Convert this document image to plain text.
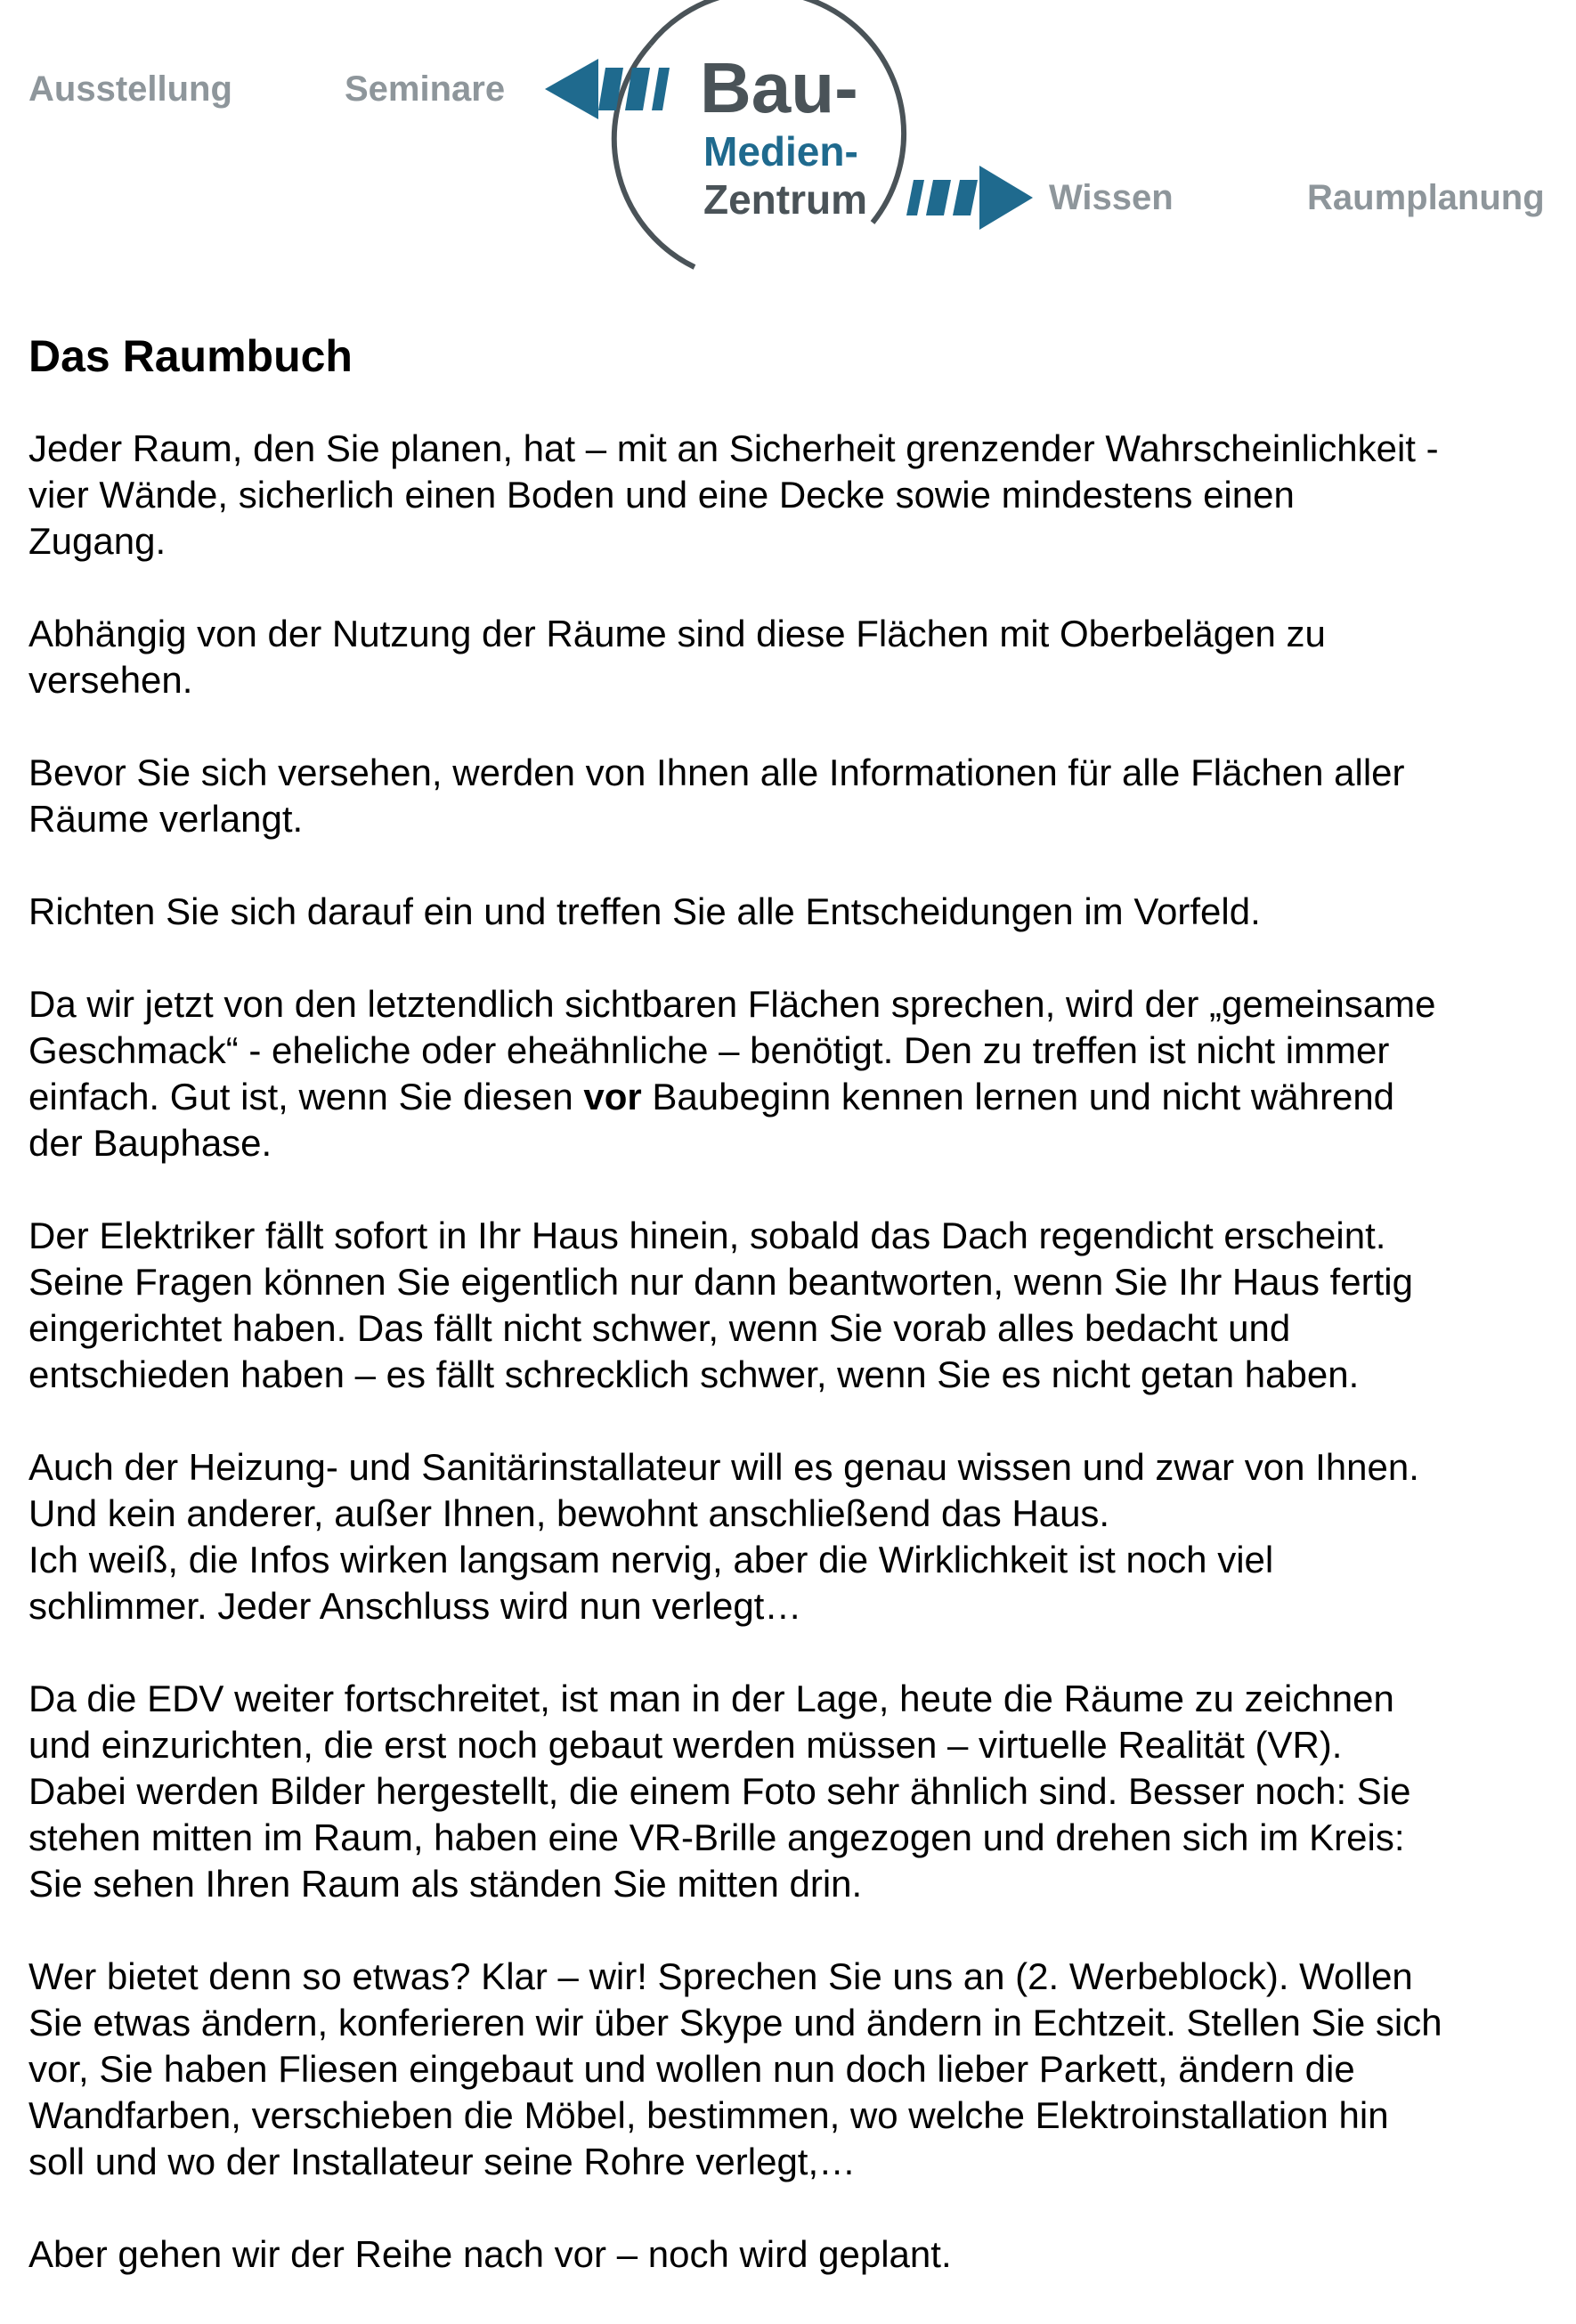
Ausstellung	Seminare	Bau-
Medien-
Zentrum	Wissen	Raumplanung
Das Raumbuch

Jeder Raum, den Sie planen, hat – mit an Sicherheit grenzender Wahrscheinlichkeit -
vier Wände, sicherlich einen Boden und eine Decke sowie mindestens einen
Zugang.

Abhängig von der Nutzung der Räume sind diese Flächen mit Oberbelägen zu
versehen.

Bevor Sie sich versehen, werden von Ihnen alle Informationen für alle Flächen aller
Räume verlangt.

Richten Sie sich darauf ein und treffen Sie alle Entscheidungen im Vorfeld.

Da wir jetzt von den letztendlich sichtbaren Flächen sprechen, wird der „gemeinsame
Geschmack“ - eheliche oder eheähnliche – benötigt. Den zu treffen ist nicht immer
einfach. Gut ist, wenn Sie diesen vor Baubeginn kennen lernen und nicht während
der Bauphase.

Der Elektriker fällt sofort in Ihr Haus hinein, sobald das Dach regendicht erscheint.
Seine Fragen können Sie eigentlich nur dann beantworten, wenn Sie Ihr Haus fertig
eingerichtet haben. Das fällt nicht schwer, wenn Sie vorab alles bedacht und
entschieden haben – es fällt schrecklich schwer, wenn Sie es nicht getan haben.

Auch der Heizung- und Sanitärinstallateur will es genau wissen und zwar von Ihnen.
Und kein anderer, außer Ihnen, bewohnt anschließend das Haus.
Ich weiß, die Infos wirken langsam nervig, aber die Wirklichkeit ist noch viel
schlimmer. Jeder Anschluss wird nun verlegt…

Da die EDV weiter fortschreitet, ist man in der Lage, heute die Räume zu zeichnen
und einzurichten, die erst noch gebaut werden müssen – virtuelle Realität (VR).
Dabei werden Bilder hergestellt, die einem Foto sehr ähnlich sind. Besser noch: Sie
stehen mitten im Raum, haben eine VR-Brille angezogen und drehen sich im Kreis:
Sie sehen Ihren Raum als ständen Sie mitten drin.

Wer bietet denn so etwas? Klar – wir! Sprechen Sie uns an (2. Werbeblock). Wollen
Sie etwas ändern, konferieren wir über Skype und ändern in Echtzeit. Stellen Sie sich
vor, Sie haben Fliesen eingebaut und wollen nun doch lieber Parkett, ändern die
Wandfarben, verschieben die Möbel, bestimmen, wo welche Elektroinstallation hin
soll und wo der Installateur seine Rohre verlegt,…

Aber gehen wir der Reihe nach vor – noch wird geplant.
